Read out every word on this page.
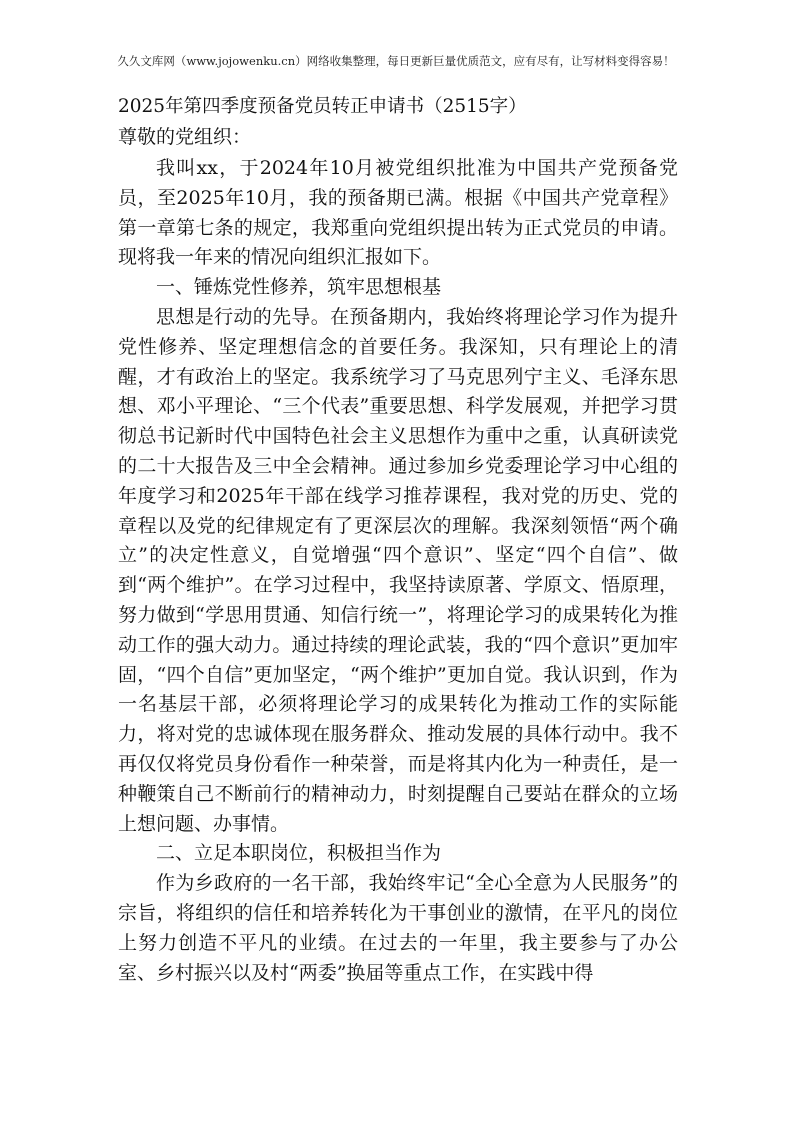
久久文库网（www.jojowenku.cn）网络收集整理，每日更新巨量优质范文，应有尽有，让写材料变得容易！

2025年第四季度预备党员转正申请书（2515字）

尊敬的党组织：

我叫xx，于2024年10月被党组织批准为中国共产党预备党员，至2025年10月，我的预备期已满。根据《中国共产党章程》第一章第七条的规定，我郑重向党组织提出转为正式党员的申请。现将我一年来的情况向组织汇报如下。

一、锤炼党性修养，筑牢思想根基

思想是行动的先导。在预备期内，我始终将理论学习作为提升党性修养、坚定理想信念的首要任务。我深知，只有理论上的清醒，才有政治上的坚定。我系统学习了马克思列宁主义、毛泽东思想、邓小平理论、“三个代表”重要思想、科学发展观，并把学习贯彻总书记新时代中国特色社会主义思想作为重中之重，认真研读党的二十大报告及三中全会精神。通过参加乡党委理论学习中心组的年度学习和2025年干部在线学习推荐课程，我对党的历史、党的章程以及党的纪律规定有了更深层次的理解。我深刻领悟“两个确立”的决定性意义，自觉增强“四个意识”、坚定“四个自信”、做到“两个维护”。在学习过程中，我坚持读原著、学原文、悟原理，努力做到“学思用贯通、知信行统一”，将理论学习的成果转化为推动工作的强大动力。通过持续的理论武装，我的“四个意识”更加牢固，“四个自信”更加坚定，“两个维护”更加自觉。我认识到，作为一名基层干部，必须将理论学习的成果转化为推动工作的实际能力，将对党的忠诚体现在服务群众、推动发展的具体行动中。我不再仅仅将党员身份看作一种荣誉，而是将其内化为一种责任，是一种鞭策自己不断前行的精神动力，时刻提醒自己要站在群众的立场上想问题、办事情。

二、立足本职岗位，积极担当作为

作为乡政府的一名干部，我始终牢记“全心全意为人民服务”的宗旨，将组织的信任和培养转化为干事创业的激情，在平凡的岗位上努力创造不平凡的业绩。在过去的一年里，我主要参与了办公室、乡村振兴以及村“两委”换届等重点工作，在实践中得
